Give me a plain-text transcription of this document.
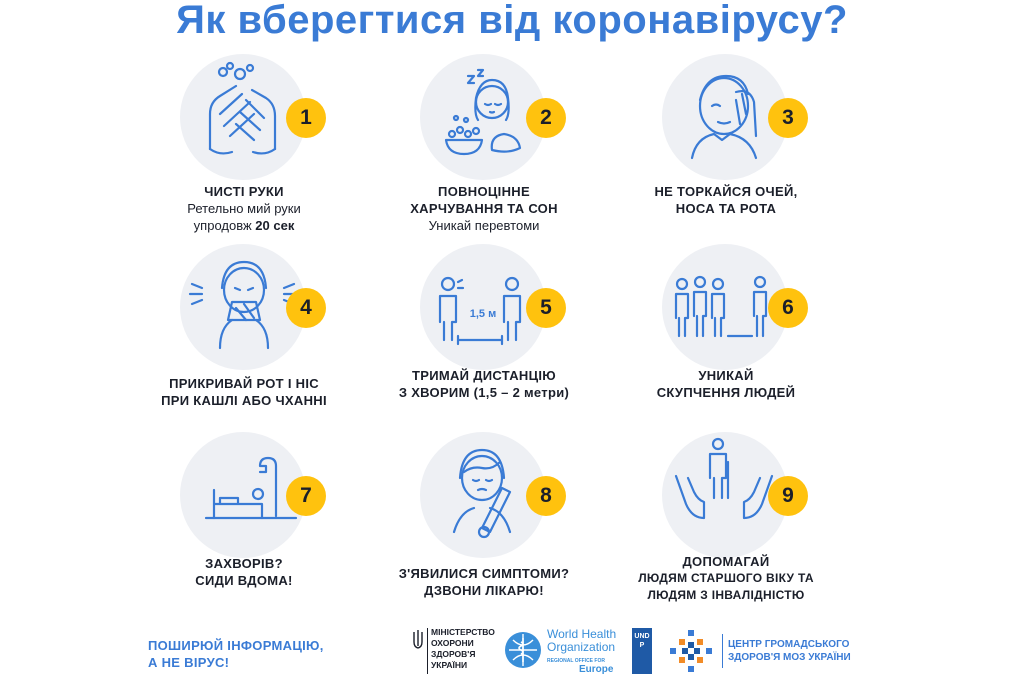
Як вберегтися від коронавірусу?
1
ЧИСТІ РУКИ
Ретельно мий руки
упродовж 20 сек
2
ПОВНОЦІННЕ
ХАРЧУВАННЯ ТА СОН
Уникай перевтоми
3
НЕ ТОРКАЙСЯ ОЧЕЙ,
НОСА ТА РОТА
4
ПРИКРИВАЙ РОТ І НІС
ПРИ КАШЛІ АБО ЧХАННІ
1,5 м	5
ТРИМАЙ ДИСТАНЦІЮ
З ХВОРИМ (1,5 – 2 метри)
6
УНИКАЙ
СКУПЧЕННЯ ЛЮДЕЙ
7
ЗАХВОРІВ?
СИДИ ВДОМА!
8
З'ЯВИЛИСЯ СИМПТОМИ?
ДЗВОНИ ЛІКАРЮ!
9
ДОПОМАГАЙ
ЛЮДЯМ СТАРШОГО ВІКУ ТА
ЛЮДЯМ З ІНВАЛІДНІСТЮ
ПОШИРЮЙ ІНФОРМАЦІЮ,
А НЕ ВІРУС!
МІНІСТЕРСТВО
ОХОРОНИ
ЗДОРОВ'Я
УКРАЇНИ
World Health
Organization
REGIONAL OFFICE FOR
Europe
UNDP	ЦЕНТР ГРОМАДСЬКОГО
ЗДОРОВ'Я МОЗ УКРАЇНИ
